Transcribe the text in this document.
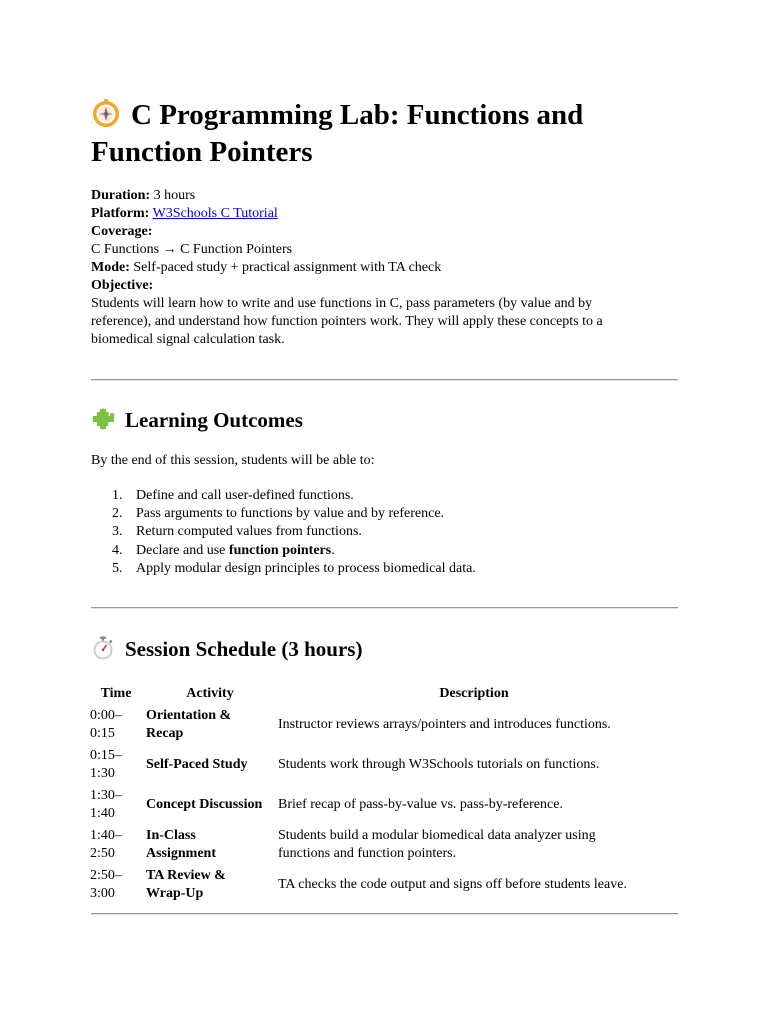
C Programming Lab: Functions and
Function Pointers
Duration: 3 hours
Platform: W3Schools C Tutorial
Coverage:
C Functions → C Function Pointers
Mode: Self-paced study + practical assignment with TA check
Objective:
Students will learn how to write and use functions in C, pass parameters (by value and by
reference), and understand how function pointers work. They will apply these concepts to a
biomedical signal calculation task.
Learning Outcomes
By the end of this session, students will be able to:
1. Define and call user-defined functions.
2. Pass arguments to functions by value and by reference.
3. Return computed values from functions.
4. Declare and use function pointers.
5. Apply modular design principles to process biomedical data.
Session Schedule (3 hours)
Time	Activity	Description
0:00–
0:15	Orientation &
Recap	Instructor reviews arrays/pointers and introduces functions.
0:15–
1:30	Self-Paced Study	Students work through W3Schools tutorials on functions.
1:30–
1:40	Concept Discussion	Brief recap of pass-by-value vs. pass-by-reference.
1:40–
2:50	In-Class
Assignment	Students build a modular biomedical data analyzer using
functions and function pointers.
2:50–
3:00	TA Review &
Wrap-Up	TA checks the code output and signs off before students leave.
